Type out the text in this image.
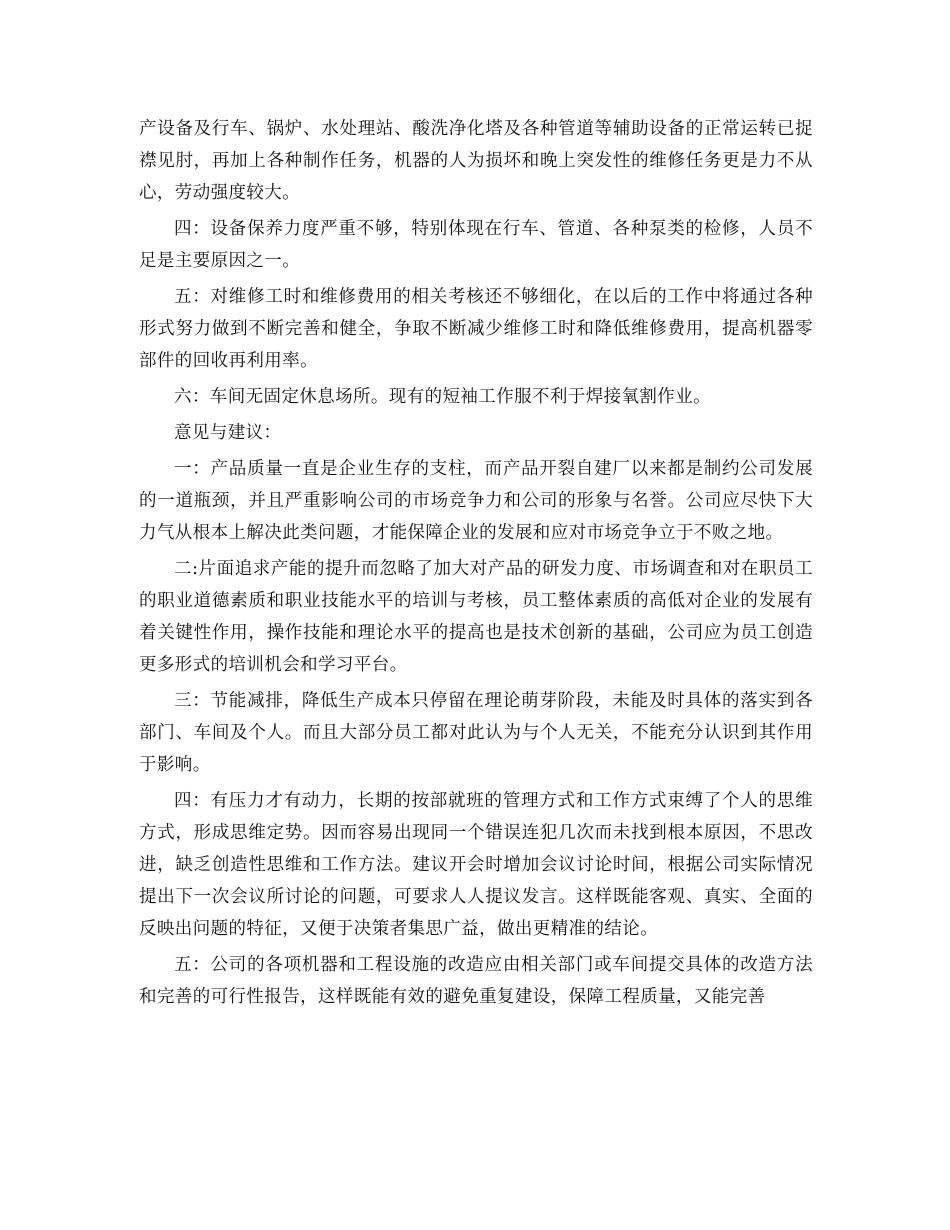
产设备及行车、锅炉、水处理站、酸洗净化塔及各种管道等辅助设备的正常运转已捉襟见肘，再加上各种制作任务，机器的人为损坏和晚上突发性的维修任务更是力不从心，劳动强度较大。

四：设备保养力度严重不够，特别体现在行车、管道、各种泵类的检修，人员不足是主要原因之一。

五：对维修工时和维修费用的相关考核还不够细化，在以后的工作中将通过各种形式努力做到不断完善和健全，争取不断减少维修工时和降低维修费用，提高机器零部件的回收再利用率。

六：车间无固定休息场所。现有的短袖工作服不利于焊接氧割作业。

意见与建议：

一：产品质量一直是企业生存的支柱，而产品开裂自建厂以来都是制约公司发展的一道瓶颈，并且严重影响公司的市场竞争力和公司的形象与名誉。公司应尽快下大力气从根本上解决此类问题，才能保障企业的发展和应对市场竞争立于不败之地。

二:片面追求产能的提升而忽略了加大对产品的研发力度、市场调查和对在职员工的职业道德素质和职业技能水平的培训与考核，员工整体素质的高低对企业的发展有着关键性作用，操作技能和理论水平的提高也是技术创新的基础，公司应为员工创造更多形式的培训机会和学习平台。

三：节能减排，降低生产成本只停留在理论萌芽阶段，未能及时具体的落实到各部门、车间及个人。而且大部分员工都对此认为与个人无关，不能充分认识到其作用于影响。

四：有压力才有动力，长期的按部就班的管理方式和工作方式束缚了个人的思维方式，形成思维定势。因而容易出现同一个错误连犯几次而未找到根本原因，不思改进，缺乏创造性思维和工作方法。建议开会时增加会议讨论时间，根据公司实际情况提出下一次会议所讨论的问题，可要求人人提议发言。这样既能客观、真实、全面的反映出问题的特征，又便于决策者集思广益，做出更精准的结论。

五：公司的各项机器和工程设施的改造应由相关部门或车间提交具体的改造方法和完善的可行性报告，这样既能有效的避免重复建设，保障工程质量，又能完善
